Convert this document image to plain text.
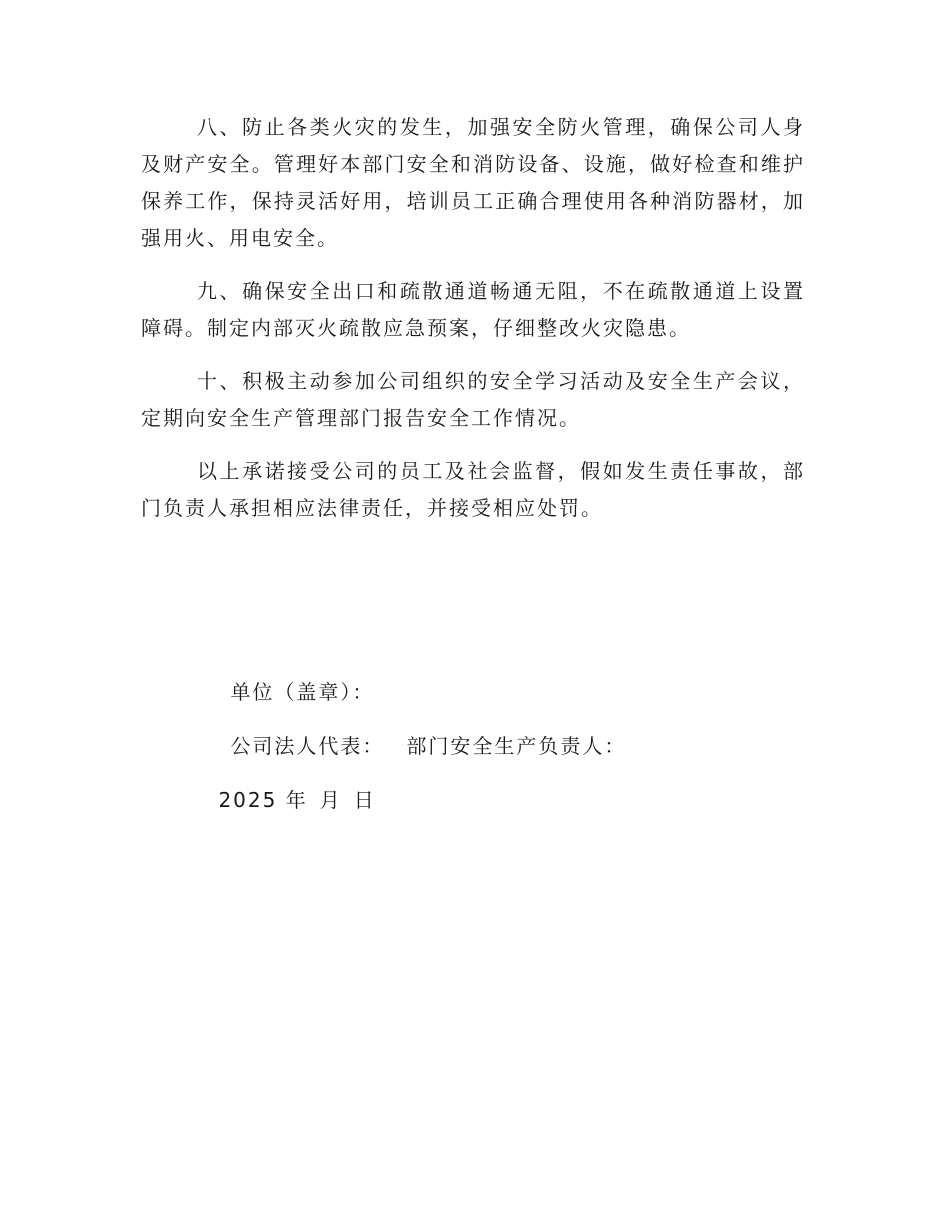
八、防止各类火灾的发生，加强安全防火管理，确保公司人身及财产安全。管理好本部门安全和消防设备、设施，做好检查和维护保养工作，保持灵活好用，培训员工正确合理使用各种消防器材，加强用火、用电安全。

九、确保安全出口和疏散通道畅通无阻，不在疏散通道上设置障碍。制定内部灭火疏散应急预案，仔细整改火灾隐患。

十、积极主动参加公司组织的安全学习活动及安全生产会议，定期向安全生产管理部门报告安全工作情况。

以上承诺接受公司的员工及社会监督，假如发生责任事故，部门负责人承担相应法律责任，并接受相应处罚。

单位（盖章）：

公司法人代表： 部门安全生产负责人：

2025 年 月 日
